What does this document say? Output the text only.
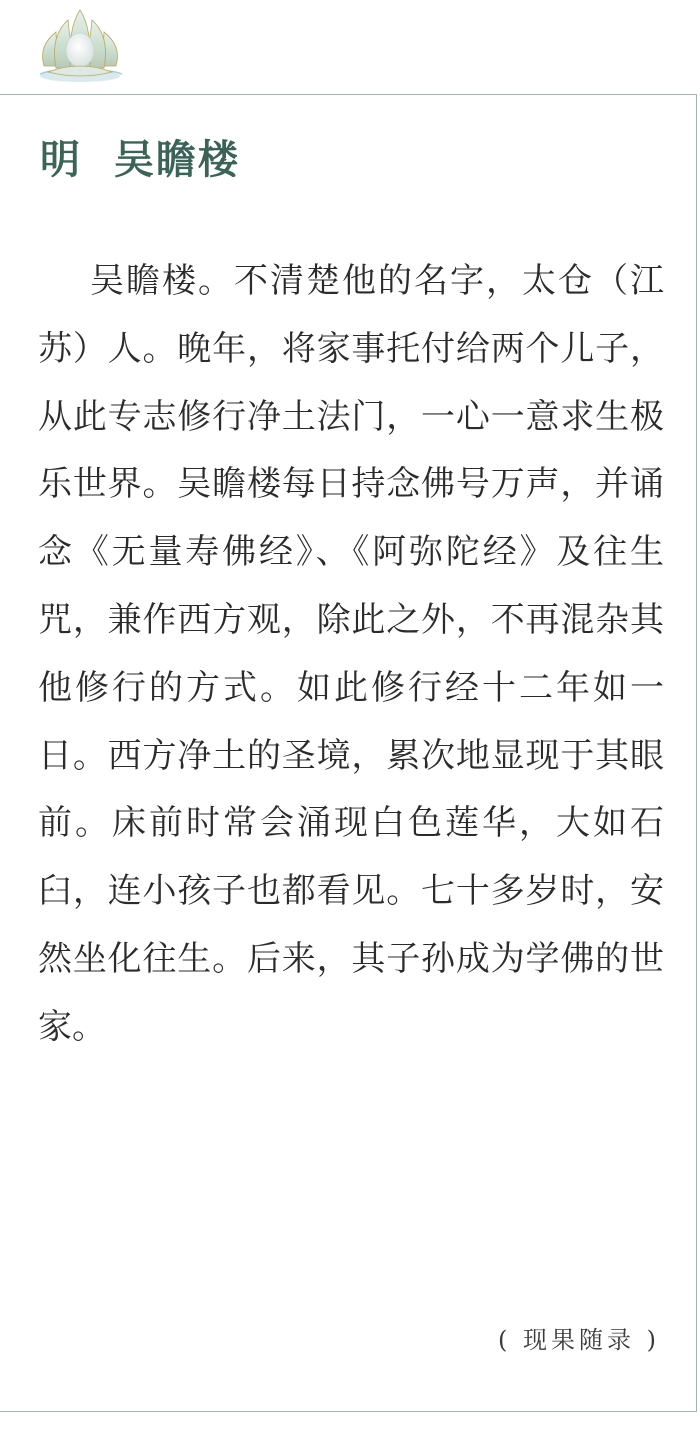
明  吴瞻楼
吴瞻楼。不清楚他的名字，太仓（江苏）人。晚年，将家事托付给两个儿子，从此专志修行净土法门，一心一意求生极乐世界。吴瞻楼每日持念佛号万声，并诵念《无量寿佛经》、《阿弥陀经》及往生咒，兼作西方观，除此之外，不再混杂其他修行的方式。如此修行经十二年如一日。西方净土的圣境，累次地显现于其眼前。床前时常会涌现白色莲华，大如石臼，连小孩子也都看见。七十多岁时，安然坐化往生。后来，其子孙成为学佛的世家。
( 现果随录 )
